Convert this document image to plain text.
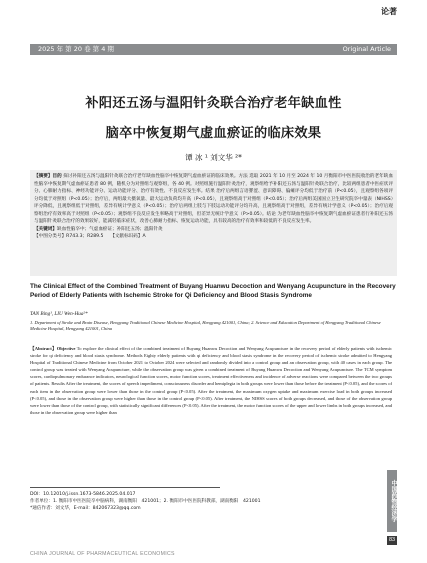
论著
2025 年 第 20 卷 第 4 期	Original Article
补阳还五汤与温阳针灸联合治疗老年缺血性
脑卒中恢复期气虚血瘀证的临床效果
谭 冰 ¹ 刘文华 ²*
【摘要】目的 探讨补阳还五汤与温阳针灸联合治疗老年缺血性脑卒中恢复期气虚血瘀证的临床效果。方法 选取 2021 年 10 月至 2024 年 10 月衡阳市中医医院收治的老年缺血性脑卒中恢复期气虚血瘀证患者 80 例，随机分为对照组与观察组，各 40 例。对照组施行温阳针灸治疗，观察组给予补阳还五汤与温阳针灸联合治疗，比较两组患者中医症状评分、心肺耐力指标、神经功能评分、运动功能评分、治疗有效性、不良反应发生率。结果 治疗后两组言语謇涩、意识障碍、偏瘫评分均低于治疗前（P<0.05），且观察组各项评分均低于对照组（P<0.05）；治疗后，两组最大摄氧量、最大运动负荷均升高（P<0.05），且观察组高于对照组（P<0.05）；治疗后两组美国国立卫生研究院卒中量表（NIHSS）评分降低，且观察组低于对照组，差异有统计学意义（P<0.05）；治疗后两组上肢与下肢运动功能评分均升高，且观察组高于对照组，差异有统计学意义（P<0.05）；治疗后观察组治疗有效率高于对照组（P<0.05）；观察组不良反应发生率略高于对照组，但差异无统计学意义（P>0.05）。结论 为老年缺血性脑卒中恢复期气虚血瘀证患者行补阳还五汤与温阳针灸联合治疗的效果较好，能减轻临床症状，改善心肺耐力指标、恢复运动功能，具有较高的治疗有效率和较低的不良反应发生率。
【关键词】缺血性脑卒中；气虚血瘀证；补阳还五汤；温阳针灸
【中图分类号】R743.3；R289.5　　【文献标识码】A
The Clinical Effect of the Combined Treatment of Buyang Huanwu Decoction and Wenyang Acupuncture in the Recovery Period of Elderly Patients with Ischemic Stroke for Qi Deficiency and Blood Stasis Syndrome
TAN Bing¹, LIU Wen-Hua²*
1. Department of Stroke and Brain Disease, Hengyang Traditional Chinese Medicine Hospital, Hengyang 421001, China; 2. Science and Education Department of Hengyang Traditional Chinese Medicine Hospital, Hengyang 421001, China
【Abstract】Objective To explore the clinical effect of the combined treatment of Buyang Huanwu Decoction and Wenyang Acupuncture in the recovery period of elderly patients with ischemic stroke for qi deficiency and blood stasis syndrome. Methods Eighty elderly patients with qi deficiency and blood stasis syndrome in the recovery period of ischemic stroke admitted to Hengyang Hospital of Traditional Chinese Medicine from October 2021 to October 2024 were selected and randomly divided into a control group and an observation group, with 40 cases in each group. The control group was treated with Wenyang Acupuncture, while the observation group was given a combined treatment of Buyang Huanwu Decoction and Wenyang Acupuncture. The TCM symptom scores, cardiopulmonary endurance indicators, neurological function scores, motor function scores, treatment effectiveness and incidence of adverse reactions were compared between the two groups of patients. Results After the treatment, the scores of speech impediment, consciousness disorder and hemiplegia in both groups were lower than those before the treatment (P<0.05), and the scores of each item in the observation group were lower than those in the control group (P<0.05). After the treatment, the maximum oxygen uptake and maximum exercise load in both groups increased (P<0.05), and those in the observation group were higher than those in the control group (P<0.05). After treatment, the NIHSS scores of both groups decreased, and those of the observation group were lower than those of the control group, with statistically significant differences (P<0.05). After the treatment, the motor function scores of the upper and lower limbs in both groups increased, and those in the observation group were higher than
DOI：10.12010/j.issn.1673-5846.2025.04.017
作者单位：1. 衡阳市中医医院卒中脑病科，湖南衡阳　421001；2. 衡阳市中医医院科教部，湖南衡阳　421001
*通信作者：刘文华，E-mail：842067323@qq.com
CHINA JOURNAL OF PHARMACEUTICAL ECONOMICS
中国药物经济学
83
